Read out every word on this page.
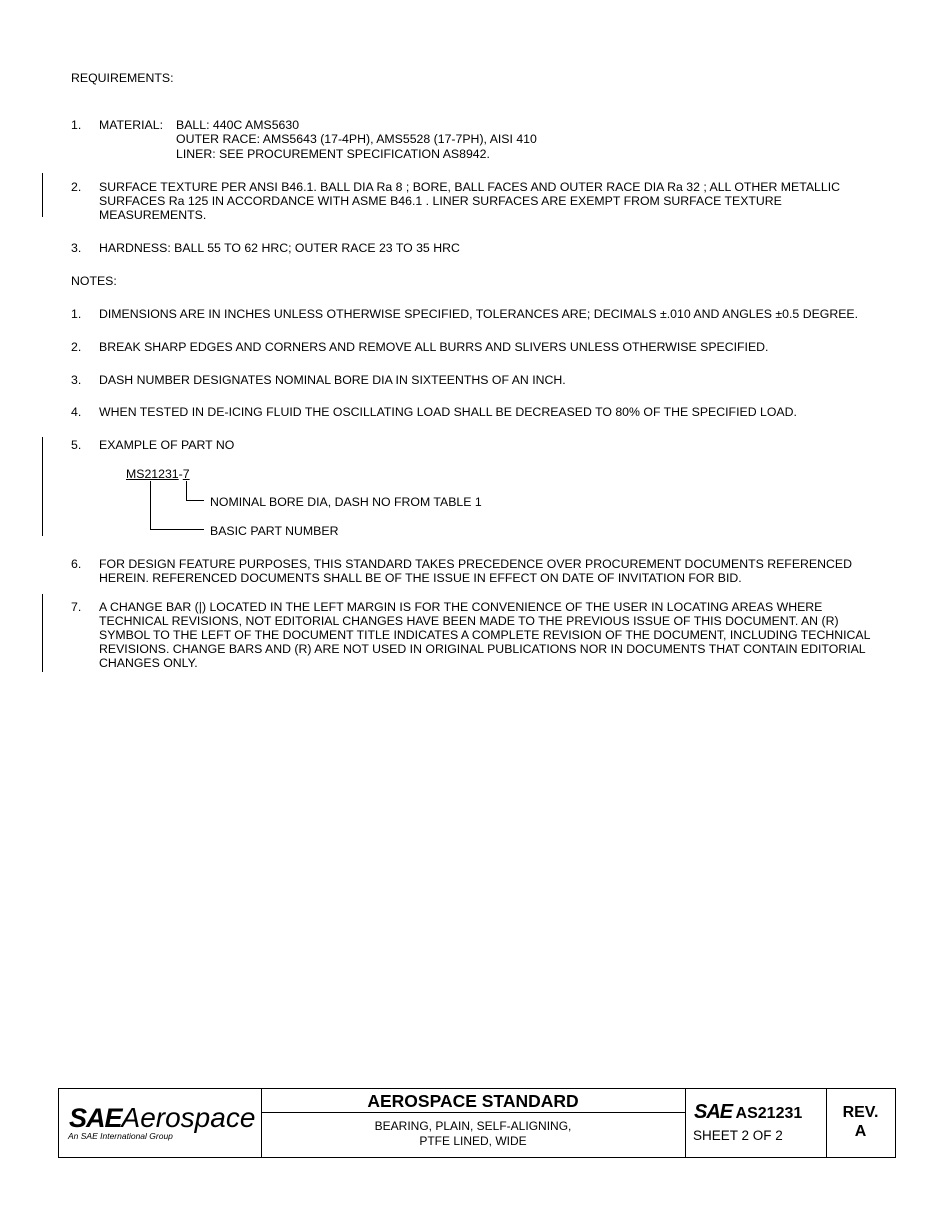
REQUIREMENTS:
1. MATERIAL: BALL: 440C AMS5630
OUTER RACE: AMS5643 (17-4PH), AMS5528 (17-7PH), AISI 410
LINER: SEE PROCUREMENT SPECIFICATION AS8942.
2. SURFACE TEXTURE PER ANSI B46.1. BALL DIA Ra 8 ; BORE, BALL FACES AND OUTER RACE DIA Ra 32 ; ALL OTHER METALLIC
SURFACES Ra 125 IN ACCORDANCE WITH ASME B46.1 . LINER SURFACES ARE EXEMPT FROM SURFACE TEXTURE
MEASUREMENTS.
3. HARDNESS: BALL 55 TO 62 HRC; OUTER RACE 23 TO 35 HRC
NOTES:
1. DIMENSIONS ARE IN INCHES UNLESS OTHERWISE SPECIFIED, TOLERANCES ARE; DECIMALS ±.010 AND ANGLES ±0.5 DEGREE.
2. BREAK SHARP EDGES AND CORNERS AND REMOVE ALL BURRS AND SLIVERS UNLESS OTHERWISE SPECIFIED.
3. DASH NUMBER DESIGNATES NOMINAL BORE DIA IN SIXTEENTHS OF AN INCH.
4. WHEN TESTED IN DE-ICING FLUID THE OSCILLATING LOAD SHALL BE DECREASED TO 80% OF THE SPECIFIED LOAD.
5. EXAMPLE OF PART NO
MS21231-7
NOMINAL BORE DIA, DASH NO FROM TABLE 1
BASIC PART NUMBER
6. FOR DESIGN FEATURE PURPOSES, THIS STANDARD TAKES PRECEDENCE OVER PROCUREMENT DOCUMENTS REFERENCED
HEREIN. REFERENCED DOCUMENTS SHALL BE OF THE ISSUE IN EFFECT ON DATE OF INVITATION FOR BID.
7. A CHANGE BAR (|) LOCATED IN THE LEFT MARGIN IS FOR THE CONVENIENCE OF THE USER IN LOCATING AREAS WHERE
TECHNICAL REVISIONS, NOT EDITORIAL CHANGES HAVE BEEN MADE TO THE PREVIOUS ISSUE OF THIS DOCUMENT. AN (R)
SYMBOL TO THE LEFT OF THE DOCUMENT TITLE INDICATES A COMPLETE REVISION OF THE DOCUMENT, INCLUDING TECHNICAL
REVISIONS. CHANGE BARS AND (R) ARE NOT USED IN ORIGINAL PUBLICATIONS NOR IN DOCUMENTS THAT CONTAIN EDITORIAL
CHANGES ONLY.
SAEAerospace
An SAE International Group
AEROSPACE STANDARD
BEARING, PLAIN, SELF-ALIGNING,
PTFE LINED, WIDE
SAE AS21231
SHEET 2 OF 2
REV.
A
